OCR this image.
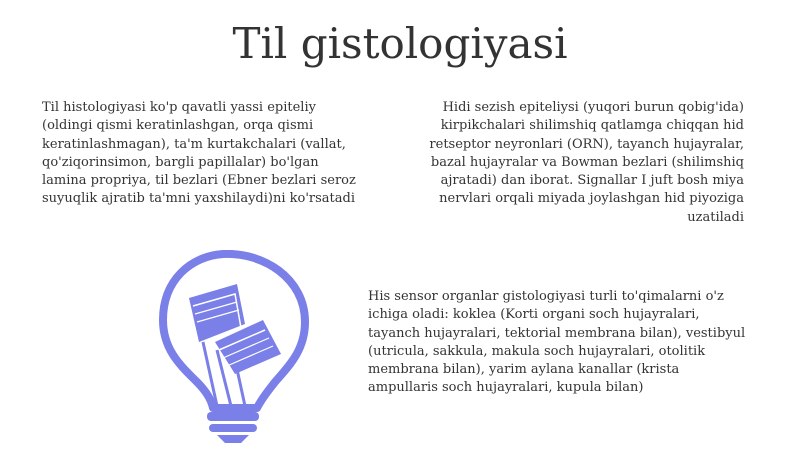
Til gistologiyasi

Til histologiyasi ko'p qavatli yassi epiteliy (oldingi qismi keratinlashgan, orqa qismi keratinlashmagan), ta'm kurtakchalari (vallat, qo'ziqorinsimon, bargli papillalar) bo'lgan lamina propriya, til bezlari (Ebner bezlari seroz suyuqlik ajratib ta'mni yaxshilaydi)ni ko'rsatadi

Hidi sezish epiteliysi (yuqori burun qobig'ida) kirpikchalari shilimshiq qatlamga chiqqan hid retseptor neyronlari (ORN), tayanch hujayralar, bazal hujayralar va Bowman bezlari (shilimshiq ajratadi) dan iborat. Signallar I juft bosh miya nervlari orqali miyada joylashgan hid piyoziga uzatiladi

His sensor organlar gistologiyasi turli to'qimalarni o'z ichiga oladi: koklea (Korti organi soch hujayralari, tayanch hujayralari, tektorial membrana bilan), vestibyul (utricula, sakkula, makula soch hujayralari, otolitik membrana bilan), yarim aylana kanallar (krista ampullaris soch hujayralari, kupula bilan)
